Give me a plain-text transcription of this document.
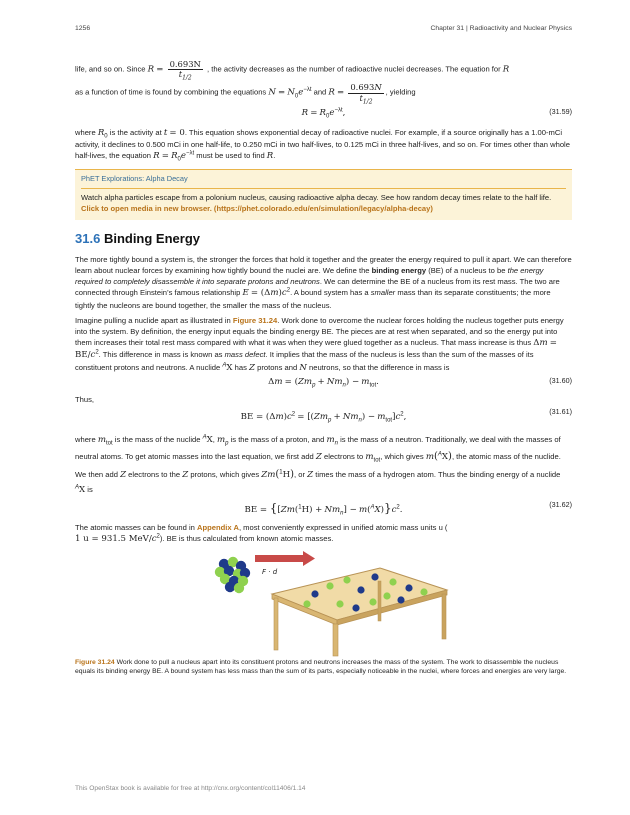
1256	Chapter 31 | Radioactivity and Nuclear Physics

life, and so on. Since $R = \frac{0.693N}{t_{1/2}}$ , the activity decreases as the number of radioactive nuclei decreases. The equation for R

as a function of time is found by combining the equations $N = N_0e^{-\lambda t}$ and $R = \frac{0.693N}{t_{1/2}}$ , yielding

$R = R_0e^{-\lambda t}$,	(31.59)

where $R_0$ is the activity at t = 0. This equation shows exponential decay of radioactive nuclei. For example, if a source originally has a 1.00-mCi activity, it declines to 0.500 mCi in one half-life, to 0.250 mCi in two half-lives, to 0.125 mCi in three half-lives, and so on. For times other than whole half-lives, the equation $R = R_0e^{-\lambda t}$ must be used to find R.

PhET Explorations: Alpha Decay
Watch alpha particles escape from a polonium nucleus, causing radioactive alpha decay. See how random decay times relate to the half life. Click to open media in new browser. (https://phet.colorado.edu/en/simulation/legacy/alpha-decay)
31.6 Binding Energy

The more tightly bound a system is, the stronger the forces that hold it together and the greater the energy required to pull it apart. We can therefore learn about nuclear forces by examining how tightly bound the nuclei are. We define the binding energy (BE) of a nucleus to be the energy required to completely disassemble it into separate protons and neutrons. We can determine the BE of a nucleus from its rest mass. The two are connected through Einstein’s famous relationship $E = (\Delta m)c^2$. A bound system has a smaller mass than its separate constituents; the more tightly the nucleons are bound together, the smaller the mass of the nucleus.

Imagine pulling a nuclide apart as illustrated in Figure 31.24. Work done to overcome the nuclear forces holding the nucleus together puts energy into the system. By definition, the energy input equals the binding energy BE. The pieces are at rest when separated, and so the energy put into them increases their total rest mass compared with what it was when they were glued together as a nucleus. That mass increase is thus $\Delta m = BE/c^2$. This difference in mass is known as mass defect. It implies that the mass of the nucleus is less than the sum of the masses of its constituent protons and neutrons. A nuclide $^A$X has Z protons and N neutrons, so that the difference in mass is

$\Delta m = (Zm_p + Nm_n) - m_{tot}$.	(31.60)

Thus,

BE = $(\Delta m)c^2 = [(Zm_p + Nm_n) - m_{tot}]c^2$,
(31.61)

where $m_{tot}$ is the mass of the nuclide $^A$X, $m_p$ is the mass of a proton, and $m_n$ is the mass of a neutron. Traditionally, we deal with the masses of neutral atoms. To get atomic masses into the last equation, we first add Z electrons to $m_{tot}$, which gives m($^A$X), the atomic mass of the nuclide. We then add Z electrons to the Z protons, which gives Zm($^1$H), or Z times the mass of a hydrogen atom. Thus the binding energy of a nuclide $^A$X is

BE = $\{[Zm(^1H) + Nm_n] - m(^AX)\}c^2$.
(31.62)

The atomic masses can be found in Appendix A, most conveniently expressed in unified atomic mass units u (
1 u = 931.5 MeV/$c^2$). BE is thus calculated from known atomic masses.

F · d

Figure 31.24 Work done to pull a nucleus apart into its constituent protons and neutrons increases the mass of the system. The work to disassemble the nucleus equals its binding energy BE. A bound system has less mass than the sum of its parts, especially noticeable in the nuclei, where forces and energies are very large.

This OpenStax book is available for free at http://cnx.org/content/col11406/1.14
